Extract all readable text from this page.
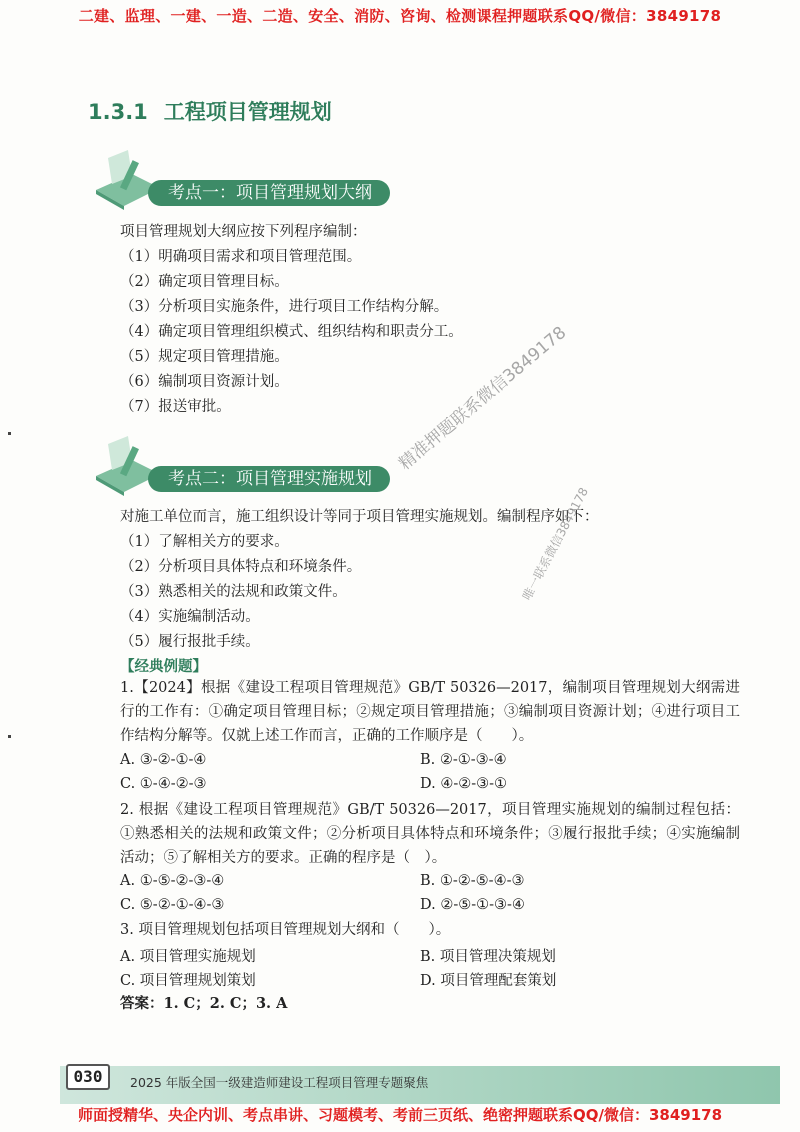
二建、监理、一建、一造、二造、安全、消防、咨询、检测课程押题联系QQ/微信：3849178
1.3.1 工程项目管理规划
考点一：项目管理规划大纲
项目管理规划大纲应按下列程序编制：
（1）明确项目需求和项目管理范围。
（2）确定项目管理目标。
（3）分析项目实施条件，进行项目工作结构分解。
（4）确定项目管理组织模式、组织结构和职责分工。
（5）规定项目管理措施。
（6）编制项目资源计划。
（7）报送审批。
考点二：项目管理实施规划
对施工单位而言，施工组织设计等同于项目管理实施规划。编制程序如下：
（1）了解相关方的要求。
（2）分析项目具体特点和环境条件。
（3）熟悉相关的法规和政策文件。
（4）实施编制活动。
（5）履行报批手续。
【经典例题】
1.【2024】根据《建设工程项目管理规范》GB/T 50326—2017，编制项目管理规划大纲需进行的工作有：①确定项目管理目标；②规定项目管理措施；③编制项目资源计划；④进行项目工作结构分解等。仅就上述工作而言，正确的工作顺序是（　　）。
A. ③-②-①-④	B. ②-①-③-④
C. ①-④-②-③	D. ④-②-③-①
2. 根据《建设工程项目管理规范》GB/T 50326—2017，项目管理实施规划的编制过程包括：①熟悉相关的法规和政策文件；②分析项目具体特点和环境条件；③履行报批手续；④实施编制活动；⑤了解相关方的要求。正确的程序是（　）。
A. ①-⑤-②-③-④	B. ①-②-⑤-④-③
C. ⑤-②-①-④-③	D. ②-⑤-①-③-④
3. 项目管理规划包括项目管理规划大纲和（　　）。
A. 项目管理实施规划	B. 项目管理决策规划
C. 项目管理规划策划	D. 项目管理配套策划
答案：1. C；2. C；3. A
精准押题联系微信3849178
唯一联系微信3849178
030	2025 年版全国一级建造师建设工程项目管理专题聚焦
师面授精华、央企内训、考点串讲、习题模考、考前三页纸、绝密押题联系QQ/微信：3849178
